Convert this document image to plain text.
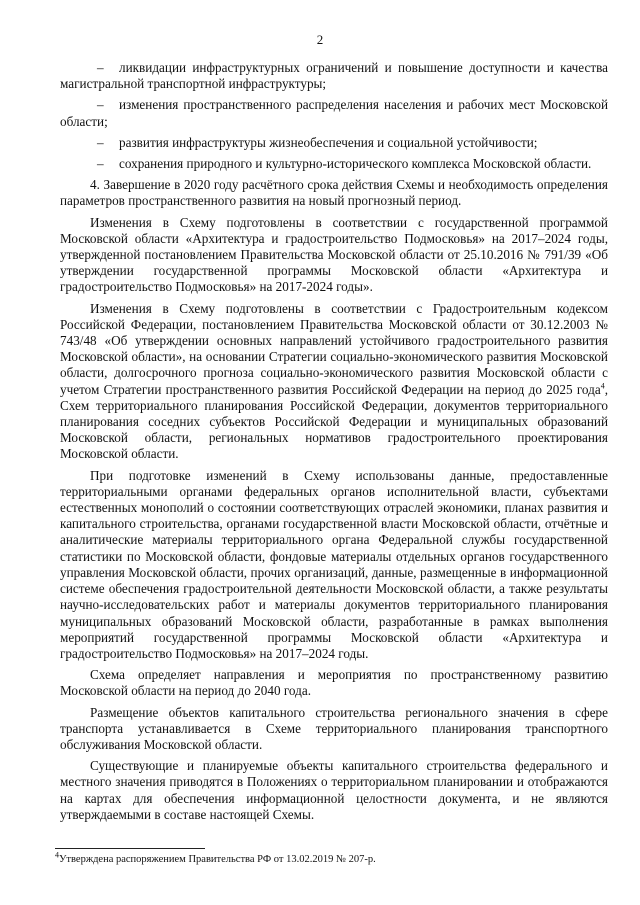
2

– ликвидации инфраструктурных ограничений и повышение доступности и качества магистральной транспортной инфраструктуры;

– изменения пространственного распределения населения и рабочих мест Московской области;

– развития инфраструктуры жизнеобеспечения и социальной устойчивости;

– сохранения природного и культурно-исторического комплекса Московской области.

4. Завершение в 2020 году расчётного срока действия Схемы и необходимость определения параметров пространственного развития на новый прогнозный период.

Изменения в Схему подготовлены в соответствии с государственной программой Московской области «Архитектура и градостроительство Подмосковья» на 2017–2024 годы, утвержденной постановлением Правительства Московской области от 25.10.2016 № 791/39 «Об утверждении государственной программы Московской области «Архитектура и градостроительство Подмосковья» на 2017-2024 годы».

Изменения в Схему подготовлены в соответствии с Градостроительным кодексом Российской Федерации, постановлением Правительства Московской области от 30.12.2003 № 743/48 «Об утверждении основных направлений устойчивого градостроительного развития Московской области», на основании Стратегии социально-экономического развития Московской области, долгосрочного прогноза социально-экономического развития Московской области с учетом Стратегии пространственного развития Российской Федерации на период до 2025 года$^4$, Схем территориального планирования Российской Федерации, документов территориального планирования соседних субъектов Российской Федерации и муниципальных образований Московской области, региональных нормативов градостроительного проектирования Московской области.

При подготовке изменений в Схему использованы данные, предоставленные территориальными органами федеральных органов исполнительной власти, субъектами естественных монополий о состоянии соответствующих отраслей экономики, планах развития и капитального строительства, органами государственной власти Московской области, отчётные и аналитические материалы территориального органа Федеральной службы государственной статистики по Московской области, фондовые материалы отдельных органов государственного управления Московской области, прочих организаций, данные, размещенные в информационной системе обеспечения градостроительной деятельности Московской области, а также результаты научно-исследовательских работ и материалы документов территориального планирования муниципальных образований Московской области, разработанные в рамках выполнения мероприятий государственной программы Московской области «Архитектура и градостроительство Подмосковья» на 2017–2024 годы.

Схема определяет направления и мероприятия по пространственному развитию Московской области на период до 2040 года.

Размещение объектов капитального строительства регионального значения в сфере транспорта устанавливается в Схеме территориального планирования транспортного обслуживания Московской области.

Существующие и планируемые объекты капитального строительства федерального и местного значения приводятся в Положениях о территориальном планировании и отображаются на картах для обеспечения информационной целостности документа, и не являются утверждаемыми в составе настоящей Схемы.

$^4$Утверждена распоряжением Правительства РФ от 13.02.2019 № 207-р.
